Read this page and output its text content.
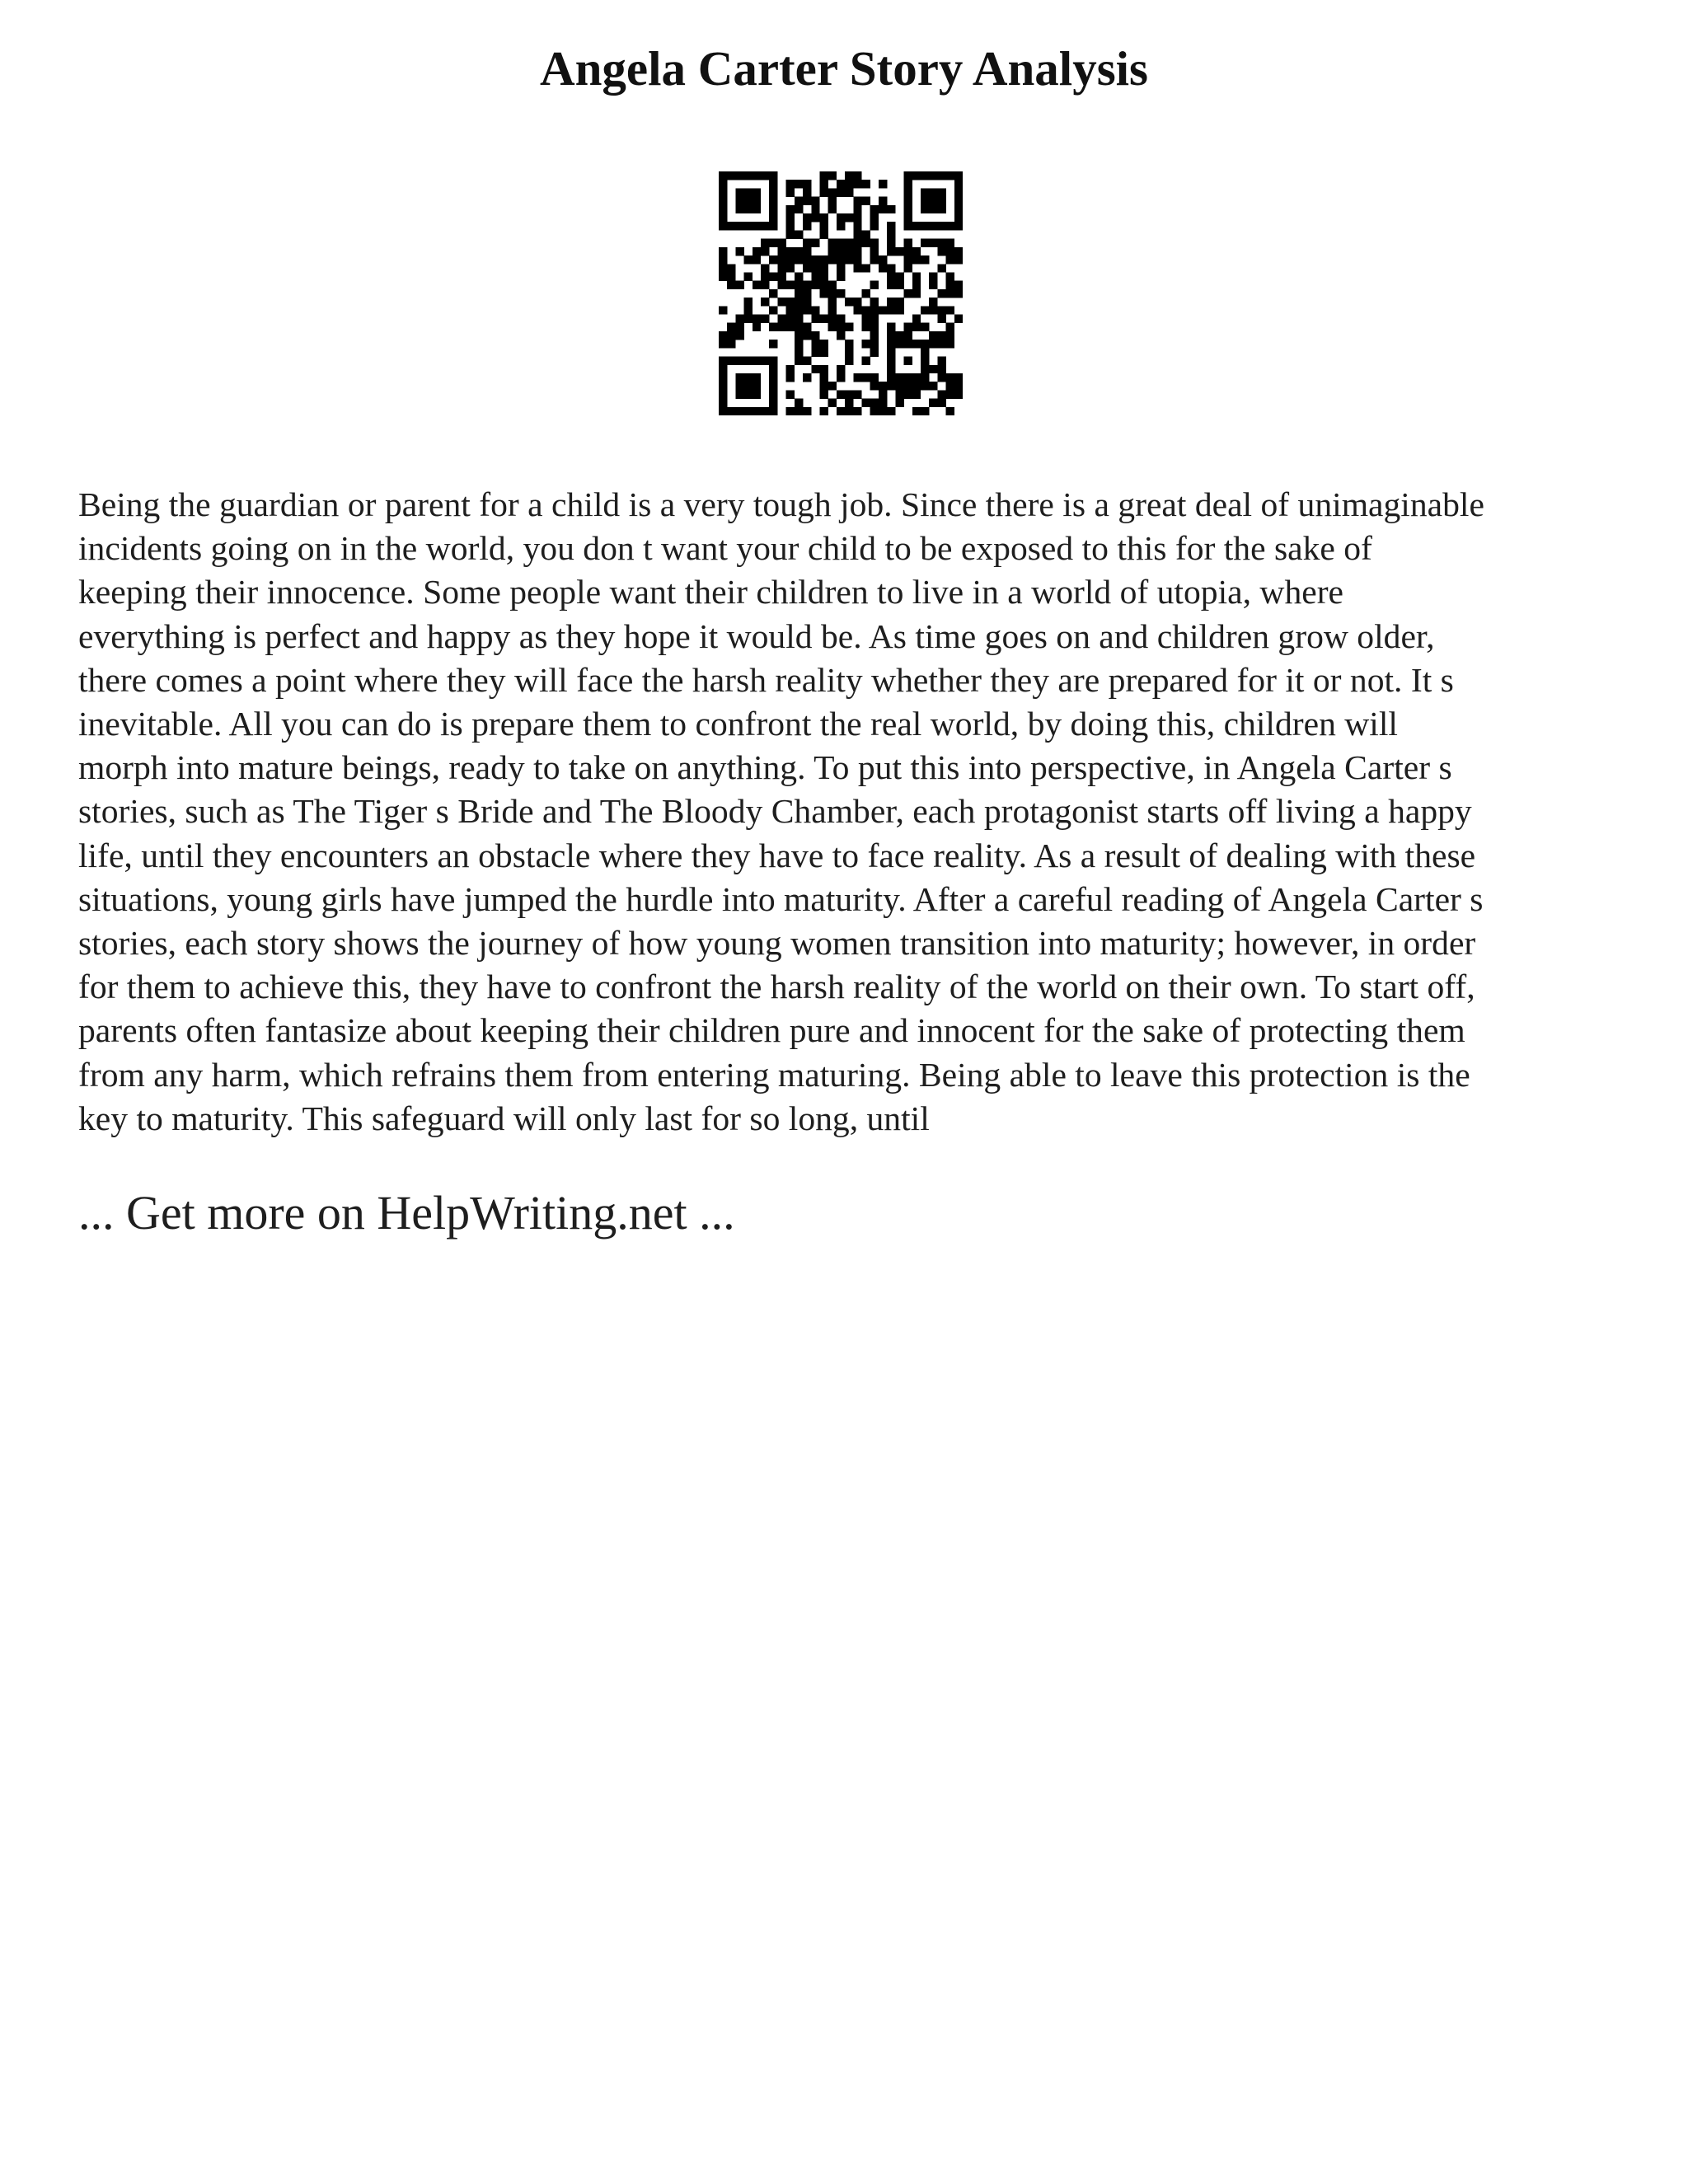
Angela Carter Story Analysis
Being the guardian or parent for a child is a very tough job. Since there is a great deal of unimaginable
incidents going on in the world, you don t want your child to be exposed to this for the sake of
keeping their innocence. Some people want their children to live in a world of utopia, where
everything is perfect and happy as they hope it would be. As time goes on and children grow older,
there comes a point where they will face the harsh reality whether they are prepared for it or not. It s
inevitable. All you can do is prepare them to confront the real world, by doing this, children will
morph into mature beings, ready to take on anything. To put this into perspective, in Angela Carter s
stories, such as The Tiger s Bride and The Bloody Chamber, each protagonist starts off living a happy
life, until they encounters an obstacle where they have to face reality. As a result of dealing with these
situations, young girls have jumped the hurdle into maturity. After a careful reading of Angela Carter s
stories, each story shows the journey of how young women transition into maturity; however, in order
for them to achieve this, they have to confront the harsh reality of the world on their own. To start off,
parents often fantasize about keeping their children pure and innocent for the sake of protecting them
from any harm, which refrains them from entering maturing. Being able to leave this protection is the
key to maturity. This safeguard will only last for so long, until
... Get more on HelpWriting.net ...
